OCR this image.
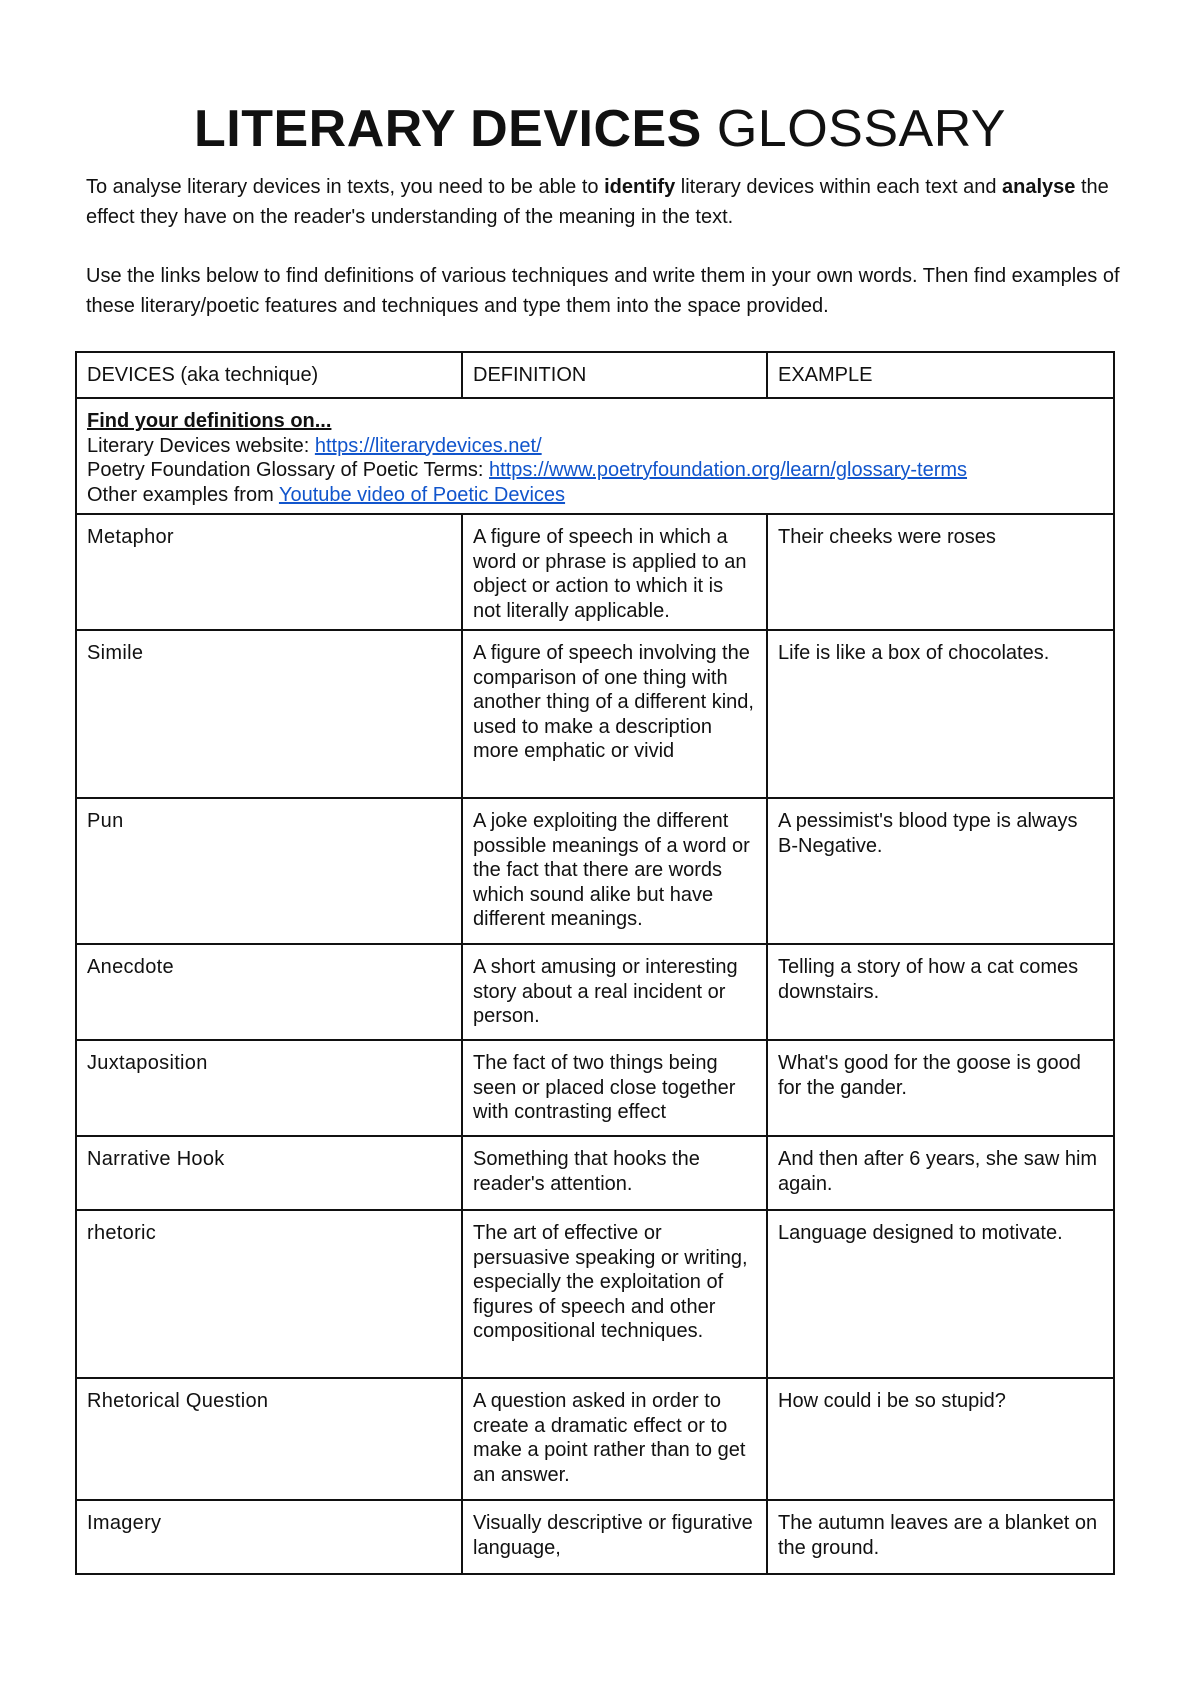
LITERARY DEVICES GLOSSARY

To analyse literary devices in texts, you need to be able to identify literary devices within each text and analyse the effect they have on the reader's understanding of the meaning in the text.

Use the links below to find definitions of various techniques and write them in your own words. Then find examples of these literary/poetic features and techniques and type them into the space provided.

DEVICES (aka technique)	DEFINITION	EXAMPLE

Find your definitions on...
Literary Devices website: https://literarydevices.net/
Poetry Foundation Glossary of Poetic Terms: https://www.poetryfoundation.org/learn/glossary-terms
Other examples from Youtube video of Poetic Devices		

Metaphor	A figure of speech in which a word or phrase is applied to an object or action to which it is not literally applicable.	Their cheeks were roses
Simile	A figure of speech involving the comparison of one thing with another thing of a different kind, used to make a description more emphatic or vivid	Life is like a box of chocolates.
Pun	A joke exploiting the different possible meanings of a word or the fact that there are words which sound alike but have different meanings.	A pessimist's blood type is always B-Negative.
Anecdote	A short amusing or interesting story about a real incident or person.	Telling a story of how a cat comes downstairs.
Juxtaposition	The fact of two things being seen or placed close together with contrasting effect	What's good for the goose is good for the gander.
Narrative Hook	Something that hooks the reader's attention.	And then after 6 years, she saw him again.
rhetoric	The art of effective or persuasive speaking or writing, especially the exploitation of figures of speech and other compositional techniques.	Language designed to motivate.
Rhetorical Question	A question asked in order to create a dramatic effect or to make a point rather than to get an answer.	How could i be so stupid?
Imagery	Visually descriptive or figurative language,	The autumn leaves are a blanket on the ground.
